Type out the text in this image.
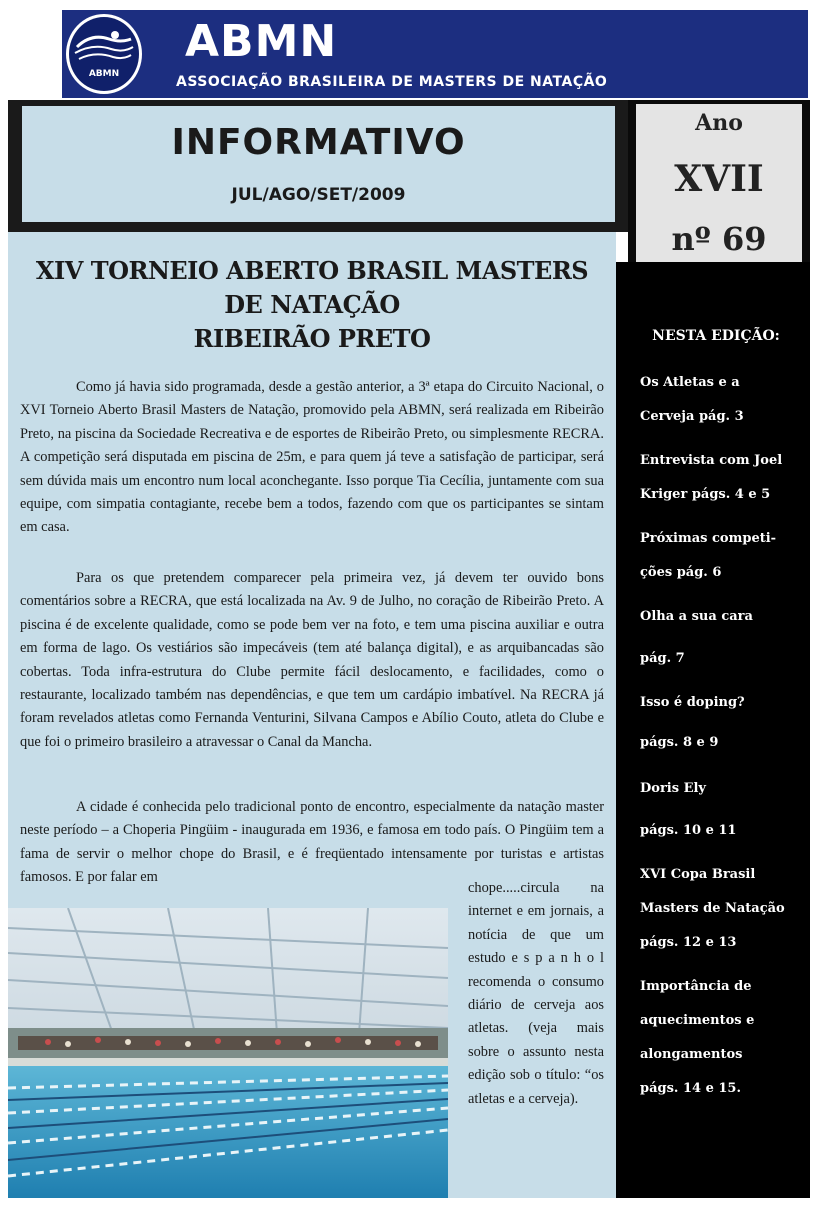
ABMN
ABMN
ASSOCIAÇÃO BRASILEIRA DE MASTERS DE NATAÇÃO
INFORMATIVO
JUL/AGO/SET/2009
Ano
XVII
nº 69
XIV TORNEIO ABERTO BRASIL MASTERS
DE NATAÇÃO
RIBEIRÃO PRETO
Como já havia sido programada, desde a gestão anterior, a 3ª etapa do Circuito Nacional, o XVI Torneio Aberto Brasil Masters de Natação, promovido pela ABMN, será realizada em Ribeirão Preto, na piscina da Sociedade Recreativa e de esportes de Ribeirão Preto, ou simplesmente RECRA. A competição será disputada em piscina de 25m, e para quem já teve a satisfação de participar, será sem dúvida mais um encontro num local aconchegante. Isso porque Tia Cecília, juntamente com sua equipe, com simpatia contagiante, recebe bem a todos, fazendo com que os participantes se sintam em casa.
Para os que pretendem comparecer pela primeira vez, já devem ter ouvido bons comentários sobre a RECRA, que está localizada na Av. 9 de Julho, no coração de Ribeirão Preto. A piscina é de excelente qualidade, como se pode bem ver na foto, e tem uma piscina auxiliar e outra em forma de lago. Os vestiários são impecáveis (tem até balança digital), e as arquibancadas são cobertas. Toda infra-estrutura do Clube permite fácil deslocamento, e facilidades, como o restaurante, localizado também nas dependências, e que tem um cardápio imbatível. Na RECRA já foram revelados atletas como Fernanda Venturini, Silvana Campos e Abílio Couto, atleta do Clube e que foi o primeiro brasileiro a atravessar o Canal da Mancha.
A cidade é conhecida pelo tradicional ponto de encontro, especialmente da natação master neste período – a Choperia Pingüim - inaugurada em 1936, e famosa em todo país. O Pingüim tem a fama de servir o melhor chope do Brasil, e é freqüentado intensamente por turistas e artistas famosos. E por falar em
chope.....circula na internet e em jornais, a notícia de que um estudo e s p a n h o l recomenda o consumo diário de cerveja aos atletas. (veja mais sobre o assunto nesta edição sob o título: “os atletas e a cerveja).
NESTA EDIÇÃO:
Os Atletas e a
Cerveja pág. 3
Entrevista com Joel
Kriger págs. 4 e 5
Próximas competi-
ções pág. 6
Olha a sua cara
pág. 7
Isso é doping?
págs. 8 e 9
Doris Ely
págs. 10 e 11
XVI Copa Brasil
Masters de Natação
págs. 12 e 13
Importância de
aquecimentos e
alongamentos
págs. 14 e 15.
